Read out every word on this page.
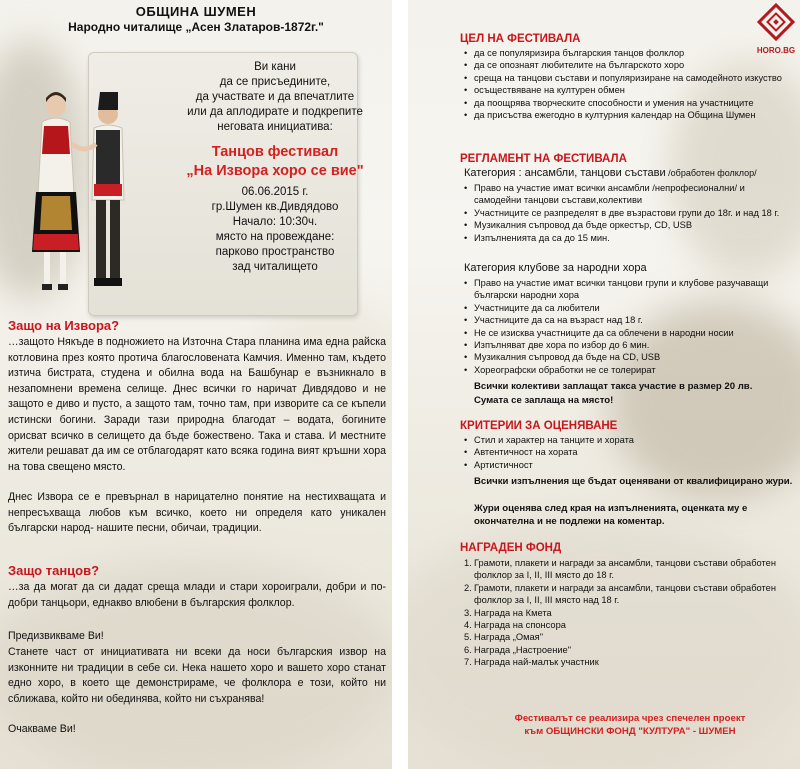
ОБЩИНА ШУМЕН
Народно читалище „Асен Златаров-1872г."
Ви кани
да се присъедините,
да участвате и да впечатлите
или да аплодирате и подкрепите
неговата инициатива:
Танцов фестивал
„На Извора хоро се вие"
06.06.2015 г.
гр.Шумен кв.Дивдядово
Начало: 10:30ч.
място на провеждане:
парково пространство
зад читалището
Защо на Извора?
…защото Някъде в подножието на Източна Стара планина има една райска котловина през която протича благословената Камчия. Именно там, където изтича бистрата, студена и обилна вода на Башбунар е възникнало в незапомнени времена селище. Днес всички го наричат Дивдядово и не защото е диво и пусто, а защото там, точно там, при изворите са се къпели истински богини. Заради тази природна благодат – водата, богините орисват всичко в селището да бъде божествено. Така и става. И местните жители решават да им се отблагодарят като всяка година вият кръшни хора на това свещено място.
Днес Извора се е превърнал в нарицателно понятие на нестихващата и непресъхваща любов към всичко, което ни определя като уникален български народ- нашите песни, обичаи, традиции.
Защо танцов?
…за да могат да си дадат среща млади и стари хороиграли, добри и по-добри танцьори, еднакво влюбени в българския фолклор.
Предизвикваме Ви!
Станете част от инициативата ни всеки да носи българския извор на изконните ни традиции в себе си. Нека нашето хоро и вашето хоро станат едно хоро, в което ще демонстрираме, че фолклора е този, който ни сближава, който ни обединява, който ни съхранява!
Очакваме Ви!
HORO.BG
ЦЕЛ НА ФЕСТИВАЛА
• да се популяризира българския танцов фолклор
• да се опознаят любителите на българското хоро
• среща на танцови състави и популяризиране на самодейното изкуство
• осъществяване на културен обмен
• да поощрява творческите способности и умения на участниците
• да присъства ежегодно в културния календар на Община Шумен
РЕГЛАМЕНТ НА ФЕСТИВАЛА
Категория : ансамбли, танцови състави /обработен фолклор/
• Право на участие имат всички ансамбли /непрофесионални/ и самодейни танцови състави,колективи
• Участниците се разпределят в две възрастови групи до 18г. и над 18 г.
• Музикалния съпровод да бъде оркестър, CD, USB
• Изпълненията да са до 15 мин.
Категория клубове за народни хора
• Право на участие имат всички танцови групи и клубове разучаващи български народни хора
• Участниците да са любители
• Участниците да са на възраст над 18 г.
• Не се изисква участниците да са облечени в народни носии
• Изпълняват две хора по избор до 6 мин.
• Музикалния съпровод да бъде на CD, USB
• Хореографски обработки не се толерират
Всички колективи заплащат такса участие в размер 20 лв.
Сумата се заплаща на място!
КРИТЕРИИ ЗА ОЦЕНЯВАНЕ
• Стил и характер на танците и хората
• Автентичност на хората
• Артистичност
Всички изпълнения ще бъдат оценявани от квалифицирано жури.
Жури оценява след края на изпълненията, оценката му е окончателна и не подлежи на коментар.
НАГРАДЕН ФОНД
1. Грамоти, плакети и награди за ансамбли, танцови състави обработен фолклор за I, II, III място до 18 г.
2. Грамоти, плакети и награди за ансамбли, танцови състави обработен фолклор за I, II, III място над 18 г.
3. Награда на Кмета
4. Награда на спонсора
5. Награда „Омая"
6. Награда „Настроение"
7. Награда най-малък участник
Фестивалът се реализира чрез спечелен проект
към ОБЩИНСКИ ФОНД "КУЛТУРА" - ШУМЕН
